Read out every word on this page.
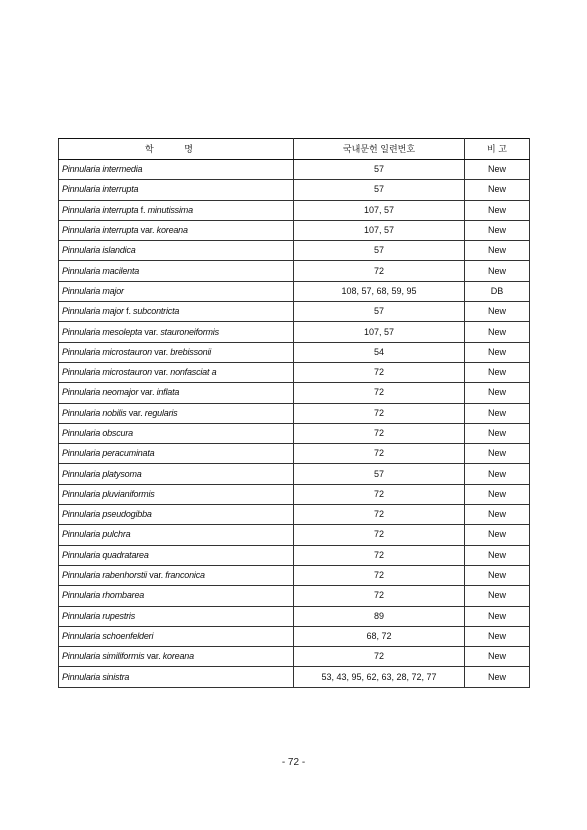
학 명	국내문헌 일련번호	비 고
Pinnularia intermedia	57	New
Pinnularia interrupta	57	New
Pinnularia interrupta f. minutissima	107, 57	New
Pinnularia interrupta var. koreana	107, 57	New
Pinnularia islandica	57	New
Pinnularia macilenta	72	New
Pinnularia major	108, 57, 68, 59, 95	DB
Pinnularia major f. subcontricta	57	New
Pinnularia mesolepta var. stauroneiformis	107, 57	New
Pinnularia microstauron var. brebissonii	54	New
Pinnularia microstauron var. nonfasciat a	72	New
Pinnularia neomajor var. inflata	72	New
Pinnularia nobilis var. regularis	72	New
Pinnularia obscura	72	New
Pinnularia peracuminata	72	New
Pinnularia platysoma	57	New
Pinnularia pluvianiformis	72	New
Pinnularia pseudogibba	72	New
Pinnularia pulchra	72	New
Pinnularia quadratarea	72	New
Pinnularia rabenhorstii var. franconica	72	New
Pinnularia rhombarea	72	New
Pinnularia rupestris	89	New
Pinnularia schoenfelderi	68, 72	New
Pinnularia similiformis var. koreana	72	New
Pinnularia sinistra	53, 43, 95, 62, 63, 28, 72, 77	New
- 72 -
